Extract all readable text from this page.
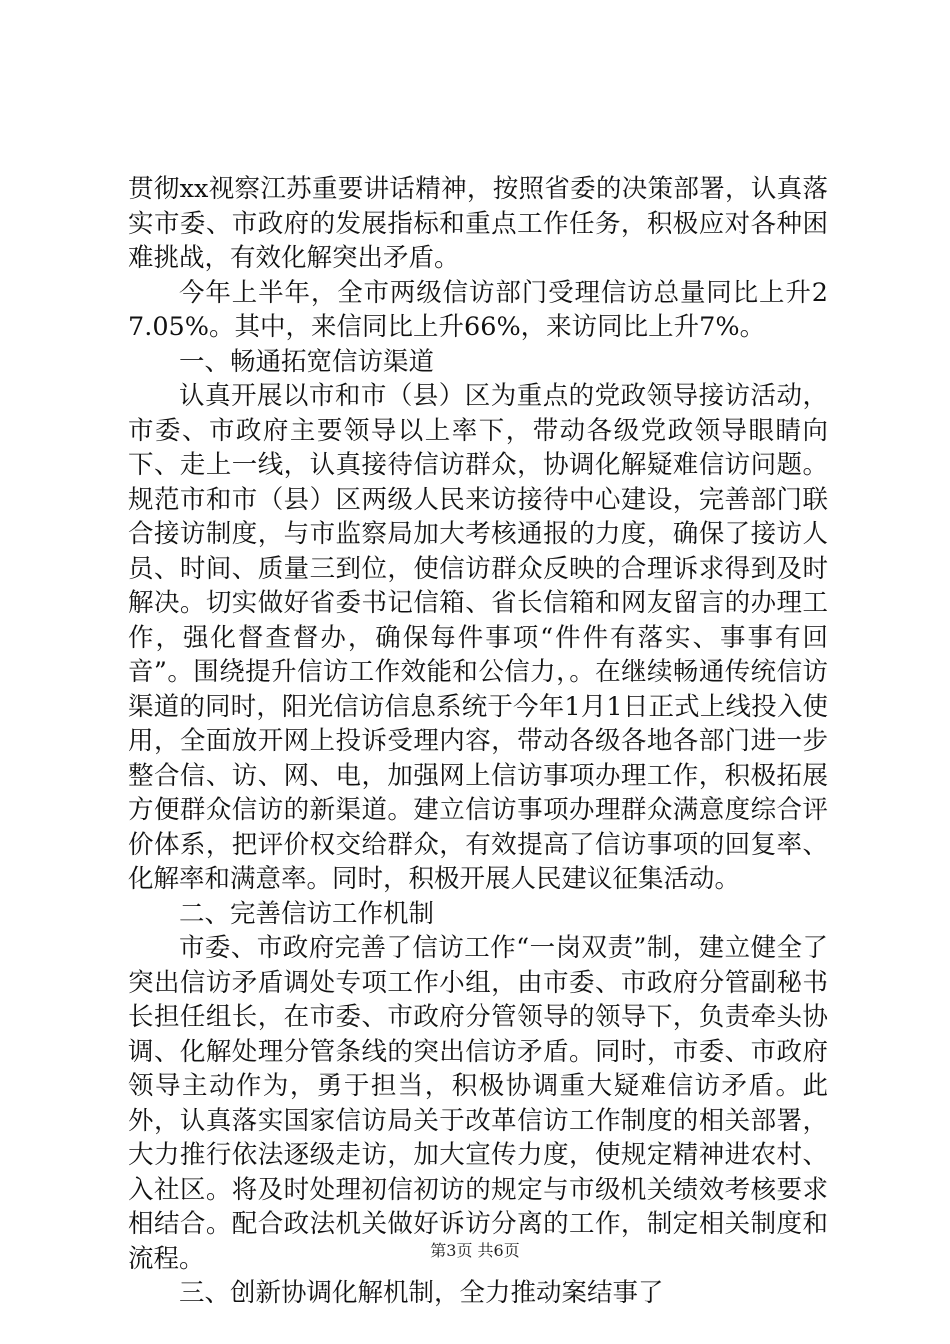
贯彻xx视察江苏重要讲话精神，按照省委的决策部署，认真落实市委、市政府的发展指标和重点工作任务，积极应对各种困难挑战，有效化解突出矛盾。

今年上半年，全市两级信访部门受理信访总量同比上升27.05%。其中，来信同比上升66%，来访同比上升7%。

一、畅通拓宽信访渠道

认真开展以市和市（县）区为重点的党政领导接访活动，市委、市政府主要领导以上率下，带动各级党政领导眼睛向下、走上一线，认真接待信访群众，协调化解疑难信访问题。规范市和市（县）区两级人民来访接待中心建设，完善部门联合接访制度，与市监察局加大考核通报的力度，确保了接访人员、时间、质量三到位，使信访群众反映的合理诉求得到及时解决。切实做好省委书记信箱、省长信箱和网友留言的办理工作，强化督查督办，确保每件事项“件件有落实、事事有回音”。围绕提升信访工作效能和公信力，。在继续畅通传统信访渠道的同时，阳光信访信息系统于今年1月1日正式上线投入使用，全面放开网上投诉受理内容，带动各级各地各部门进一步整合信、访、网、电，加强网上信访事项办理工作，积极拓展方便群众信访的新渠道。建立信访事项办理群众满意度综合评价体系，把评价权交给群众，有效提高了信访事项的回复率、化解率和满意率。同时，积极开展人民建议征集活动。

二、完善信访工作机制

市委、市政府完善了信访工作“一岗双责”制，建立健全了突出信访矛盾调处专项工作小组，由市委、市政府分管副秘书长担任组长，在市委、市政府分管领导的领导下，负责牵头协调、化解处理分管条线的突出信访矛盾。同时，市委、市政府领导主动作为，勇于担当，积极协调重大疑难信访矛盾。此外，认真落实国家信访局关于改革信访工作制度的相关部署，大力推行依法逐级走访，加大宣传力度，使规定精神进农村、入社区。将及时处理初信初访的规定与市级机关绩效考核要求相结合。配合政法机关做好诉访分离的工作，制定相关制度和流程。

三、创新协调化解机制，全力推动案结事了

第3页 共6页
